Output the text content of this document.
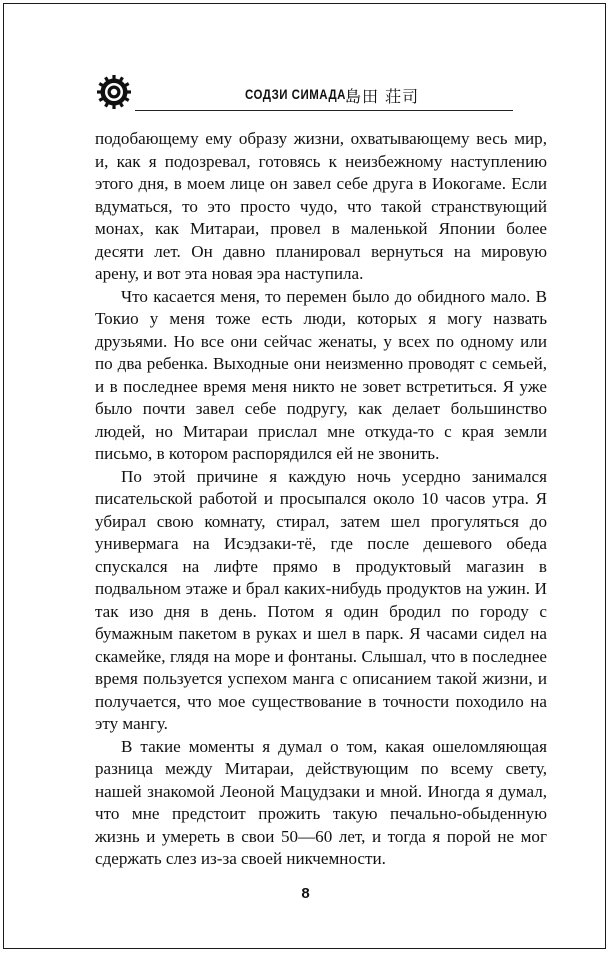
СОДЗИ СИМАДА 島田 荘司

подобающему ему образу жизни, охватывающему весь мир, и, как я подозревал, готовясь к неизбежному наступлению этого дня, в моем лице он завел себе друга в Иокогаме. Если вдуматься, то это просто чудо, что такой странствующий монах, как Митараи, провел в маленькой Японии более десяти лет. Он давно планировал вернуться на мировую арену, и вот эта новая эра наступила.

Что касается меня, то перемен было до обидного мало. В Токио у меня тоже есть люди, которых я могу назвать друзьями. Но все они сейчас женаты, у всех по одному или по два ребенка. Выходные они неизменно проводят с семьей, и в последнее время меня никто не зовет встретиться. Я уже было почти завел себе подругу, как делает большинство людей, но Митараи прислал мне откуда-то с края земли письмо, в котором распорядился ей не звонить.

По этой причине я каждую ночь усердно занимался писательской работой и просыпался около 10 часов утра. Я убирал свою комнату, стирал, затем шел прогуляться до универмага на Исэдзаки-тё, где после дешевого обеда спускался на лифте прямо в продуктовый магазин в подвальном этаже и брал каких-нибудь продуктов на ужин. И так изо дня в день. Потом я один бродил по городу с бумажным пакетом в руках и шел в парк. Я часами сидел на скамейке, глядя на море и фонтаны. Слышал, что в последнее время пользуется успехом манга с описанием такой жизни, и получается, что мое существование в точности походило на эту мангу.

В такие моменты я думал о том, какая ошеломляющая разница между Митараи, действующим по всему свету, нашей знакомой Леоной Мацудзаки и мной. Иногда я думал, что мне предстоит прожить такую печально-обыденную жизнь и умереть в свои 50—60 лет, и тогда я порой не мог сдержать слез из-за своей никчемности.

8
